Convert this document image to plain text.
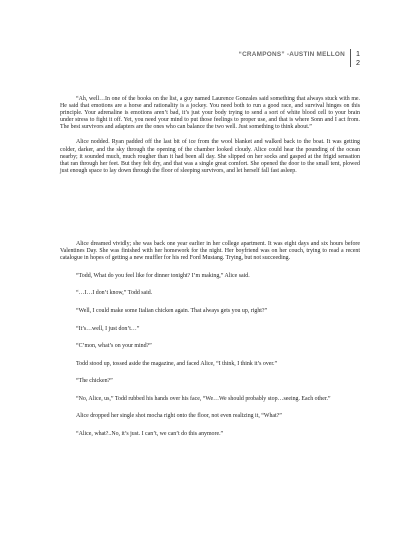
“CRAMPONS” -AUSTIN MELLON 1
2

“Ah, well…In one of the books on the list, a guy named Laurence Gonzales said something that always stuck with me. He said that emotions are a horse and rationality is a jockey. You need both to run a good race, and survival hinges on this principle. Your adrenaline is emotions aren’t bad, it’s just your body trying to send a sort of white blood cell to your brain under stress to fight it off. Yet, you need your mind to put those feelings to proper use, and that is where Sonn and I act from. The best survivors and adapters are the ones who can balance the two well. Just something to think about.”

Alice nodded. Ryan padded off the last bit of ice from the wool blanket and walked back to the boat. It was getting colder, darker, and the sky through the opening of the chamber looked cloudy. Alice could hear the pounding of the ocean nearby; it sounded much, much rougher than it had been all day. She slipped on her socks and gasped at the frigid sensation that ran through her feet. But they felt dry, and that was a single great comfort. She opened the door to the small tent, plowed just enough space to lay down through the floor of sleeping survivors, and let herself fall fast asleep.

Alice dreamed vividly; she was back one year earlier in her college apartment. It was eight days and six hours before Valentines Day. She was finished with her homework for the night. Her boyfriend was on her couch, trying to read a recent catalogue in hopes of getting a new muffler for his red Ford Mustang. Trying, but not succeeding.

“Todd, What do you feel like for dinner tonight? I’m making,” Alice said.

“…I…I don’t know,” Todd said.

“Well, I could make some Italian chicken again. That always gets you up, right?”

“It’s…well, I just don’t…”

“C’mon, what’s on your mind?”

Todd stood up, tossed aside the magazine, and faced Alice, “I think, I think it’s over.”

“The chicken?”

“No, Alice, us,” Todd rubbed his hands over his face, “We…We should probably stop…seeing. Each other.”

Alice dropped her single shot mocha right onto the floor, not even realizing it, “What?”

“Alice, what?..No, it’s just. I can’t, we can’t do this anymore.”
